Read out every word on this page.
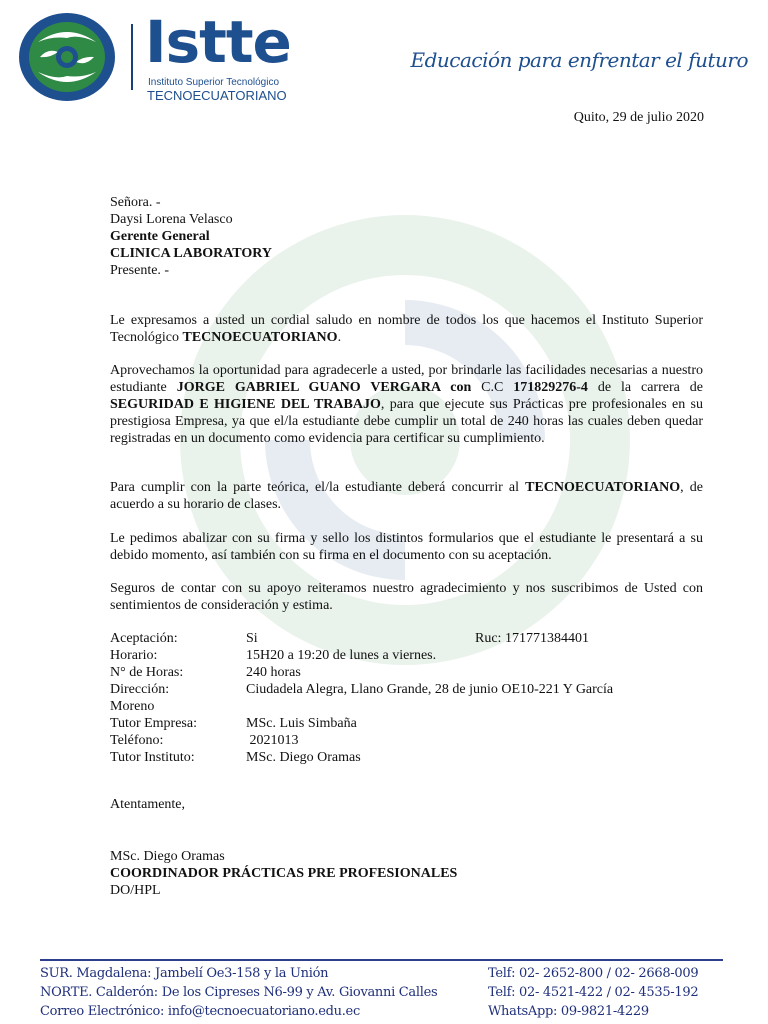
Istte
Instituto Superior Tecnológico
TECNOECUATORIANO
Educación para enfrentar el futuro
Quito, 29 de julio 2020
Señora. -
Daysi Lorena Velasco
Gerente General
CLINICA LABORATORY
Presente. -

Le expresamos a usted un cordial saludo en nombre de todos los que hacemos el Instituto Superior Tecnológico TECNOECUATORIANO.

Aprovechamos la oportunidad para agradecerle a usted, por brindarle las facilidades necesarias a nuestro estudiante JORGE GABRIEL GUANO VERGARA con C.C 171829276-4 de la carrera de SEGURIDAD E HIGIENE DEL TRABAJO, para que ejecute sus Prácticas pre profesionales en su prestigiosa Empresa, ya que el/la estudiante debe cumplir un total de 240 horas las cuales deben quedar registradas en un documento como evidencia para certificar su cumplimiento.

Para cumplir con la parte teórica, el/la estudiante deberá concurrir al TECNOECUATORIANO, de acuerdo a su horario de clases.

Le pedimos abalizar con su firma y sello los distintos formularios que el estudiante le presentará a su debido momento, así también con su firma en el documento con su aceptación.

Seguros de contar con su apoyo reiteramos nuestro agradecimiento y nos suscribimos de Usted con sentimientos de consideración y estima.

Aceptación:	Si	Ruc: 171771384401
Horario:	15H20 a 19:20 de lunes a viernes.
N° de Horas:	240 horas
Dirección:	Ciudadela Alegra, Llano Grande, 28 de junio OE10-221 Y García
Moreno
Tutor Empresa:	MSc. Luis Simbaña
Teléfono:	2021013
Tutor Instituto:	MSc. Diego Oramas
Atentamente,
MSc. Diego Oramas
COORDINADOR PRÁCTICAS PRE PROFESIONALES
DO/HPL
SUR. Magdalena: Jambelí Oe3-158 y la Unión
NORTE. Calderón: De los Cipreses N6-99 y Av. Giovanni Calles
Correo Electrónico: info@tecnoecuatoriano.edu.ec
Telf: 02- 2652-800 / 02- 2668-009
Telf: 02- 4521-422 / 02- 4535-192
WhatsApp: 09-9821-4229
